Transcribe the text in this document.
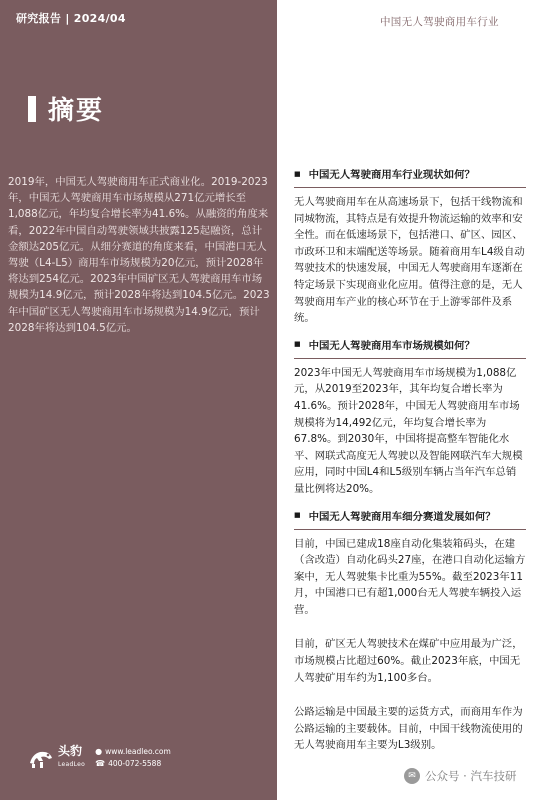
研究报告 | 2024/04
摘要

2019年，中国无人驾驶商用车正式商业化。2019-2023年，中国无人驾驶商用车市场规模从271亿元增长至1,088亿元，年均复合增长率为41.6%。从融资的角度来看，2022年中国自动驾驶领域共披露125起融资，总计金额达205亿元。从细分赛道的角度来看，中国港口无人驾驶（L4-L5）商用车市场规模为20亿元，预计2028年将达到254亿元。2023年中国矿区无人驾驶商用车市场规模为14.9亿元，预计2028年将达到104.5亿元。2023年中国矿区无人驾驶商用车市场规模为14.9亿元，预计2028年将达到104.5亿元。

头豹
LeadLeo
● www.leadleo.com
☎ 400-072-5588
中国无人驾驶商用车行业
■ 中国无人驾驶商用车行业现状如何？

无人驾驶商用车在从高速场景下，包括干线物流和同城物流，其特点是有效提升物流运输的效率和安全性。而在低速场景下，包括港口、矿区、园区、市政环卫和末端配送等场景。随着商用车L4级自动驾驶技术的快速发展，中国无人驾驶商用车逐渐在特定场景下实现商业化应用。值得注意的是，无人驾驶商用车产业的核心环节在于上游零部件及系统。

■ 中国无人驾驶商用车市场规模如何？

2023年中国无人驾驶商用车市场规模为1,088亿元，从2019至2023年，其年均复合增长率为41.6%。预计2028年，中国无人驾驶商用车市场规模将为14,492亿元，年均复合增长率为67.8%。到2030年，中国将提高整车智能化水平、网联式高度无人驾驶以及智能网联汽车大规模应用，同时中国L4和L5级别车辆占当年汽车总销量比例将达20%。

■ 中国无人驾驶商用车细分赛道发展如何？

目前，中国已建成18座自动化集装箱码头，在建（含改造）自动化码头27座，在港口自动化运输方案中，无人驾驶集卡比重为55%。截至2023年11月，中国港口已有超1,000台无人驾驶车辆投入运营。

目前，矿区无人驾驶技术在煤矿中应用最为广泛，市场规模占比超过60%。截止2023年底，中国无人驾驶矿用车约为1,100多台。

公路运输是中国最主要的运货方式，而商用车作为公路运输的主要载体。目前，中国干线物流使用的无人驾驶商用车主要为L3级别。

✉ 公众号 · 汽车技研
